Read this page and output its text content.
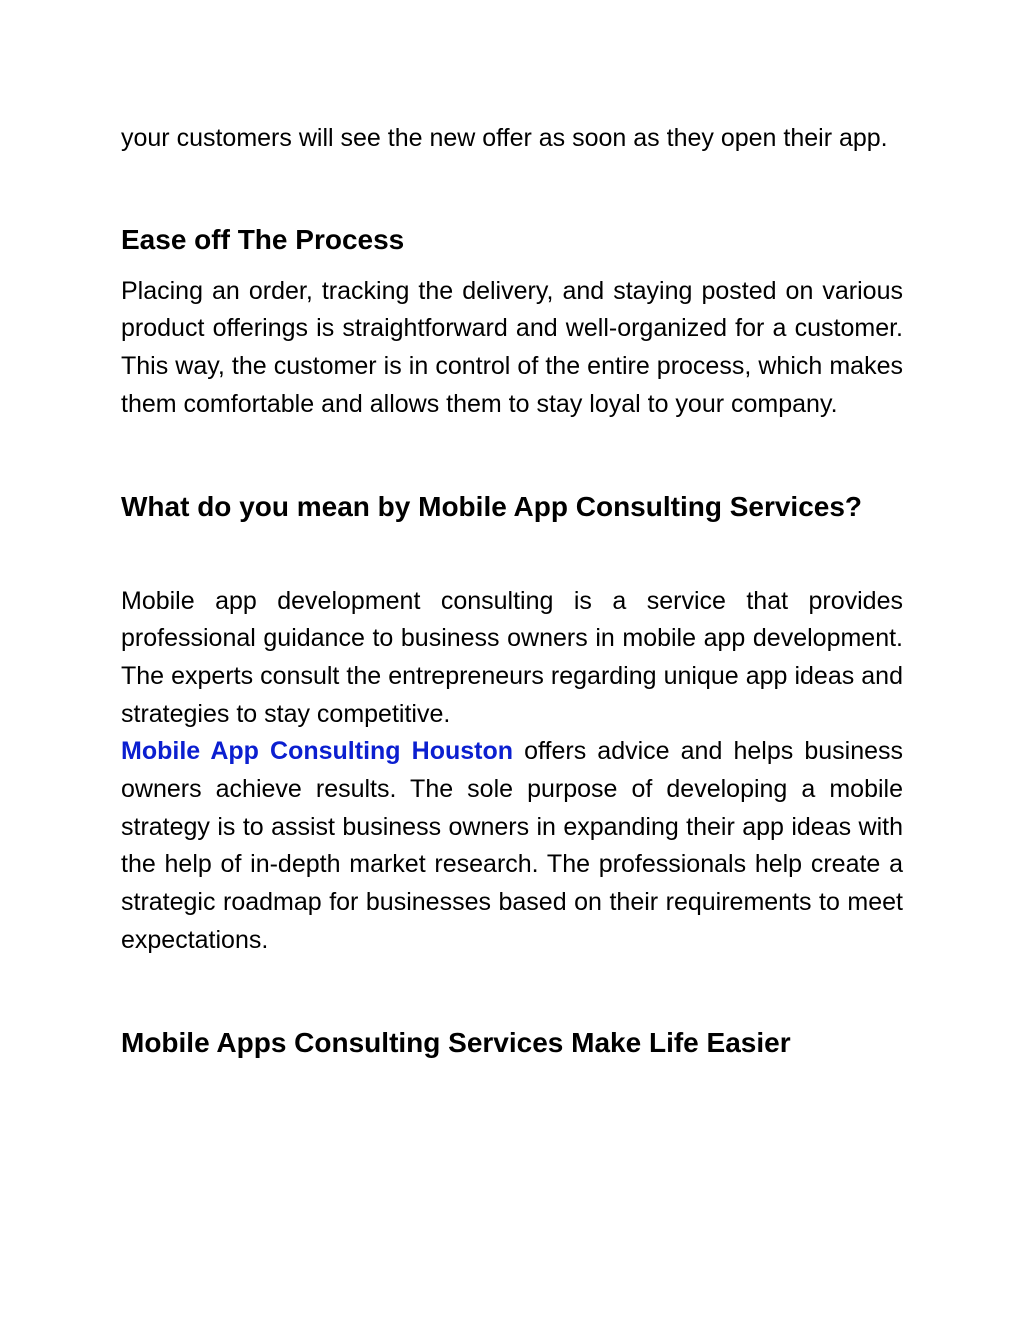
your customers will see the new offer as soon as they open their app.

Ease off The Process

Placing an order, tracking the delivery, and staying posted on various product offerings is straightforward and well-organized for a customer. This way, the customer is in control of the entire process, which makes them comfortable and allows them to stay loyal to your company.

What do you mean by Mobile App Consulting Services?

Mobile app development consulting is a service that provides professional guidance to business owners in mobile app development. The experts consult the entrepreneurs regarding unique app ideas and strategies to stay competitive.

Mobile App Consulting Houston offers advice and helps business owners achieve results. The sole purpose of developing a mobile strategy is to assist business owners in expanding their app ideas with the help of in-depth market research. The professionals help create a strategic roadmap for businesses based on their requirements to meet expectations.

Mobile Apps Consulting Services Make Life Easier
